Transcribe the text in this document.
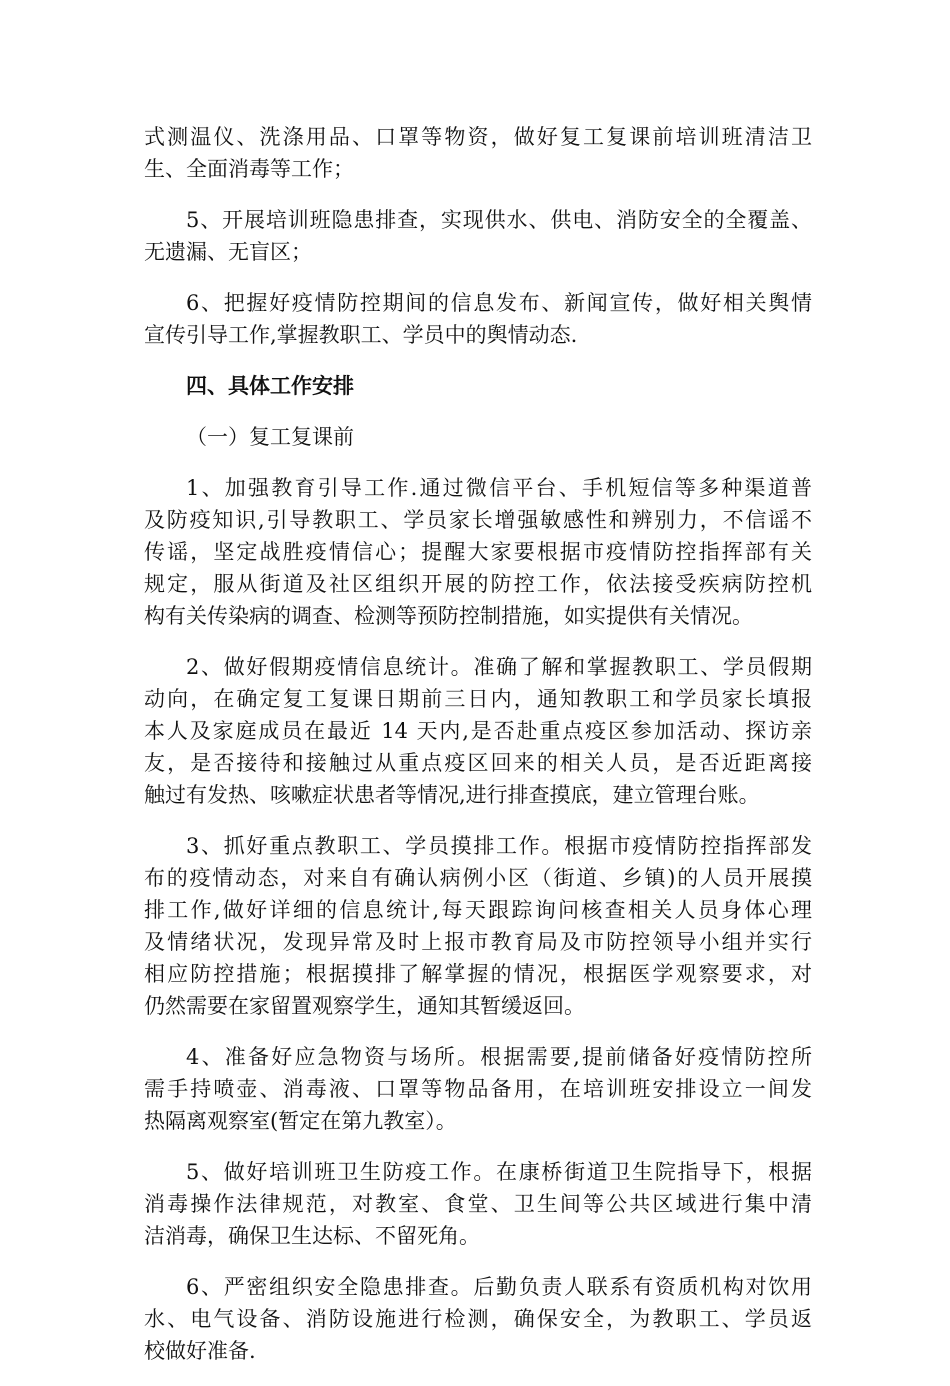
式测温仪、洗涤用品、口罩等物资，做好复工复课前培训班清洁卫
生、全面消毒等工作；
5、开展培训班隐患排查，实现供水、供电、消防安全的全覆盖、
无遗漏、无盲区；
6、把握好疫情防控期间的信息发布、新闻宣传，做好相关舆情
宣传引导工作,掌握教职工、学员中的舆情动态.
四、具体工作安排
（一）复工复课前
1、加强教育引导工作.通过微信平台、手机短信等多种渠道普
及防疫知识,引导教职工、学员家长增强敏感性和辨别力，不信谣不
传谣，坚定战胜疫情信心；提醒大家要根据市疫情防控指挥部有关
规定，服从街道及社区组织开展的防控工作，依法接受疾病防控机
构有关传染病的调查、检测等预防控制措施，如实提供有关情况。
2、做好假期疫情信息统计。准确了解和掌握教职工、学员假期
动向，在确定复工复课日期前三日内，通知教职工和学员家长填报
本人及家庭成员在最近 14 天内,是否赴重点疫区参加活动、探访亲
友，是否接待和接触过从重点疫区回来的相关人员，是否近距离接
触过有发热、咳嗽症状患者等情况,进行排查摸底，建立管理台账。
3、抓好重点教职工、学员摸排工作。根据市疫情防控指挥部发
布的疫情动态，对来自有确认病例小区（街道、乡镇)的人员开展摸
排工作,做好详细的信息统计,每天跟踪询问核查相关人员身体心理
及情绪状况，发现异常及时上报市教育局及市防控领导小组并实行
相应防控措施；根据摸排了解掌握的情况，根据医学观察要求，对
仍然需要在家留置观察学生，通知其暂缓返回。
4、准备好应急物资与场所。根据需要,提前储备好疫情防控所
需手持喷壶、消毒液、口罩等物品备用，在培训班安排设立一间发
热隔离观察室(暂定在第九教室）。
5、做好培训班卫生防疫工作。在康桥街道卫生院指导下，根据
消毒操作法律规范，对教室、食堂、卫生间等公共区域进行集中清
洁消毒，确保卫生达标、不留死角。
6、严密组织安全隐患排查。后勤负责人联系有资质机构对饮用
水、电气设备、消防设施进行检测，确保安全，为教职工、学员返
校做好准备.
